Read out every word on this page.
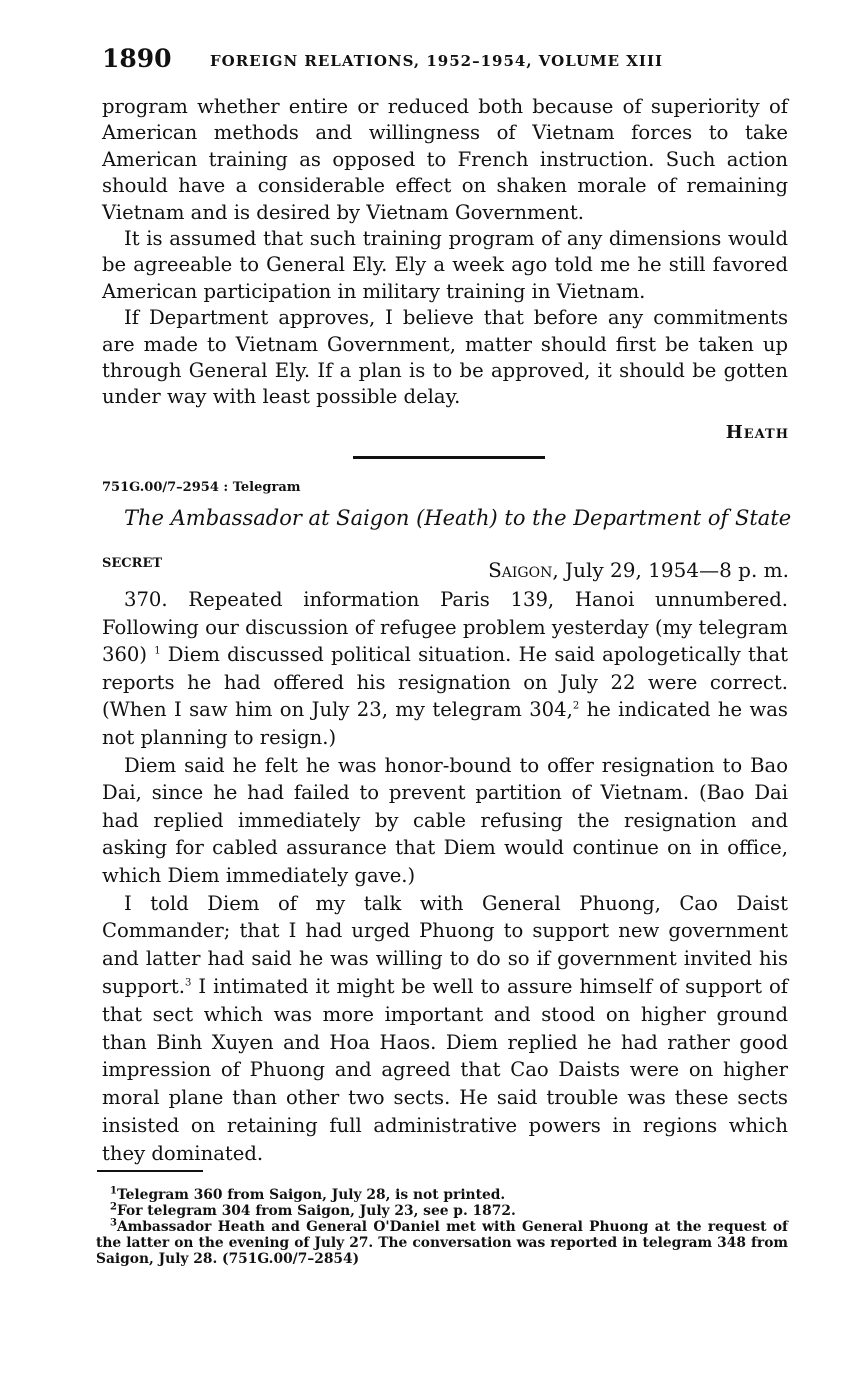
1890	FOREIGN RELATIONS, 1952–1954, VOLUME XIII

program whether entire or reduced both because of superiority of American methods and willingness of Vietnam forces to take American training as opposed to French instruction. Such action should have a considerable effect on shaken morale of remaining Vietnam and is desired by Vietnam Government.

It is assumed that such training program of any dimensions would be agreeable to General Ely. Ely a week ago told me he still favored American participation in military training in Vietnam.

If Department approves, I believe that before any commitments are made to Vietnam Government, matter should first be taken up through General Ely. If a plan is to be approved, it should be gotten under way with least possible delay.

Heath
751G.00/7–2954 : Telegram
The Ambassador at Saigon (Heath) to the Department of State
SECRET	Saigon, July 29, 1954—8 p. m.

370. Repeated information Paris 139, Hanoi unnumbered. Following our discussion of refugee problem yesterday (my telegram 360) $^1$ Diem discussed political situation. He said apologetically that reports he had offered his resignation on July 22 were correct. (When I saw him on July 23, my telegram 304,$^2$ he indicated he was not planning to resign.)

Diem said he felt he was honor-bound to offer resignation to Bao Dai, since he had failed to prevent partition of Vietnam. (Bao Dai had replied immediately by cable refusing the resignation and asking for cabled assurance that Diem would continue on in office, which Diem immediately gave.)

I told Diem of my talk with General Phuong, Cao Daist Commander; that I had urged Phuong to support new government and latter had said he was willing to do so if government invited his support.$^3$ I intimated it might be well to assure himself of support of that sect which was more important and stood on higher ground than Binh Xuyen and Hoa Haos. Diem replied he had rather good impression of Phuong and agreed that Cao Daists were on higher moral plane than other two sects. He said trouble was these sects insisted on retaining full administrative powers in regions which they dominated.

$^1$Telegram 360 from Saigon, July 28, is not printed.

$^2$For telegram 304 from Saigon, July 23, see p. 1872.

$^3$Ambassador Heath and General O'Daniel met with General Phuong at the request of the latter on the evening of July 27. The conversation was reported in telegram 348 from Saigon, July 28. (751G.00/7–2854)
